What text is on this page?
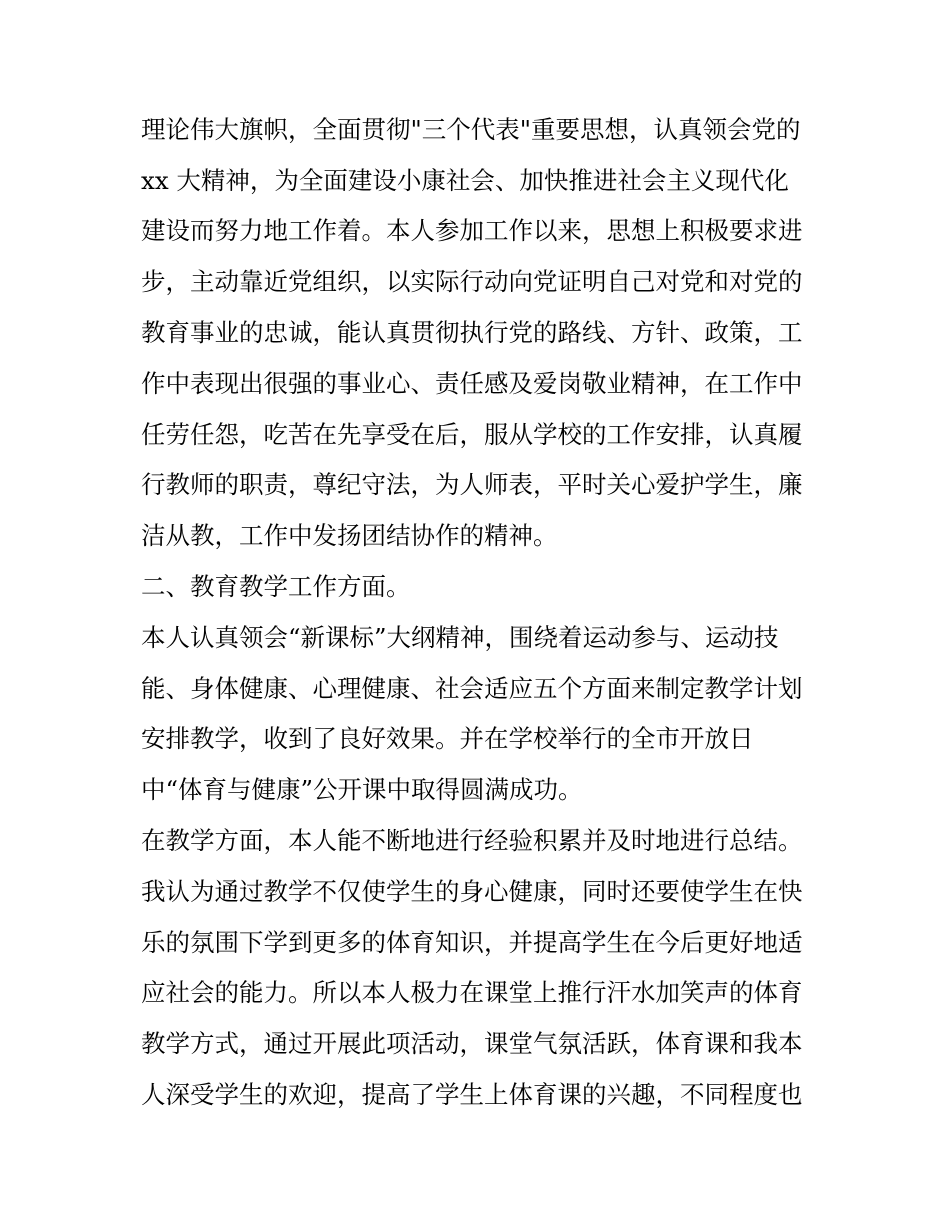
理论伟大旗帜，全面贯彻"三个代表"重要思想，认真领会党的
xx 大精神，为全面建设小康社会、加快推进社会主义现代化
建设而努力地工作着。本人参加工作以来，思想上积极要求进
步，主动靠近党组织，以实际行动向党证明自己对党和对党的
教育事业的忠诚，能认真贯彻执行党的路线、方针、政策，工
作中表现出很强的事业心、责任感及爱岗敬业精神，在工作中
任劳任怨，吃苦在先享受在后，服从学校的工作安排，认真履
行教师的职责，尊纪守法，为人师表，平时关心爱护学生，廉
洁从教，工作中发扬团结协作的精神。
二、教育教学工作方面。
本人认真领会“新课标”大纲精神，围绕着运动参与、运动技
能、身体健康、心理健康、社会适应五个方面来制定教学计划
安排教学，收到了良好效果。并在学校举行的全市开放日
中“体育与健康”公开课中取得圆满成功。
在教学方面，本人能不断地进行经验积累并及时地进行总结。
我认为通过教学不仅使学生的身心健康，同时还要使学生在快
乐的氛围下学到更多的体育知识，并提高学生在今后更好地适
应社会的能力。所以本人极力在课堂上推行汗水加笑声的体育
教学方式，通过开展此项活动，课堂气氛活跃，体育课和我本
人深受学生的欢迎，提高了学生上体育课的兴趣，不同程度也
